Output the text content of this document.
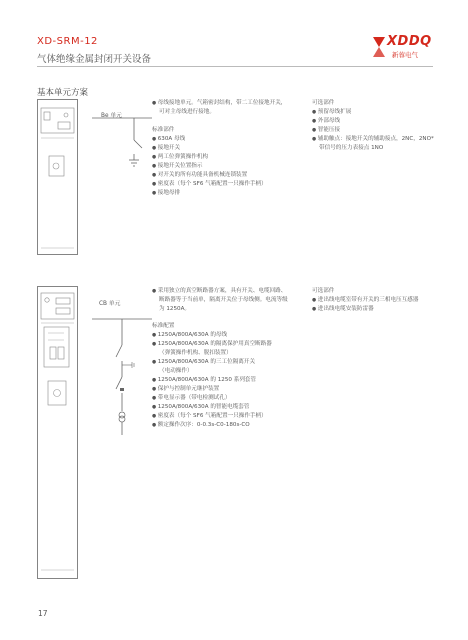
XD-SRM-12
气体绝缘金属封闭开关设备
XDDQ
新蓉电气
基本单元方案
Be 单元
● 母线接地单元。气箱密封结构，带二工位接地开关，
可对主母线进行接地。
标准部件
● 630A 母线
● 接地开关
● 两工位弹簧操作机构
● 接地开关位置指示
● 对开关的所有功能具备机械连锁装置
● 密度表（每个 SF6 气箱配置一只操作手柄）
● 接地母排
可选部件
● 预留母线扩展
● 外部母线
● 智能压接
● 辅助触点：接地开关的辅助接点，2NC，2NO*
带信号的压力表接点 1NO
CB 单元
● 采用独立的真空断路器方案，具有开关、电缆回路、
断路器等于当前单，隔离开关位于母线侧。电流等级
为 1250A。
标准配置
● 1250A/800A/630A 的母线
● 1250A/800A/630A 的隔离保护用真空断路器
（弹簧操作机构、脱扣装置）
● 1250A/800A/630A 的三工位隔离开关
（电动操作）
● 1250A/800A/630A 的 1250 系列套管
● 保护与控制单元继护装置
● 带电显示器（带电检测试孔）
● 1250A/800A/630A 的智能电缆套管
● 密度表（每个 SF6 气箱配置一只操作手柄）
● 额定操作次序：0-0.3s-C0-180s-CO
可选部件
● 进出线电缆室带有开关的三相电压互感器
● 进出线电缆安装防雷器
17
